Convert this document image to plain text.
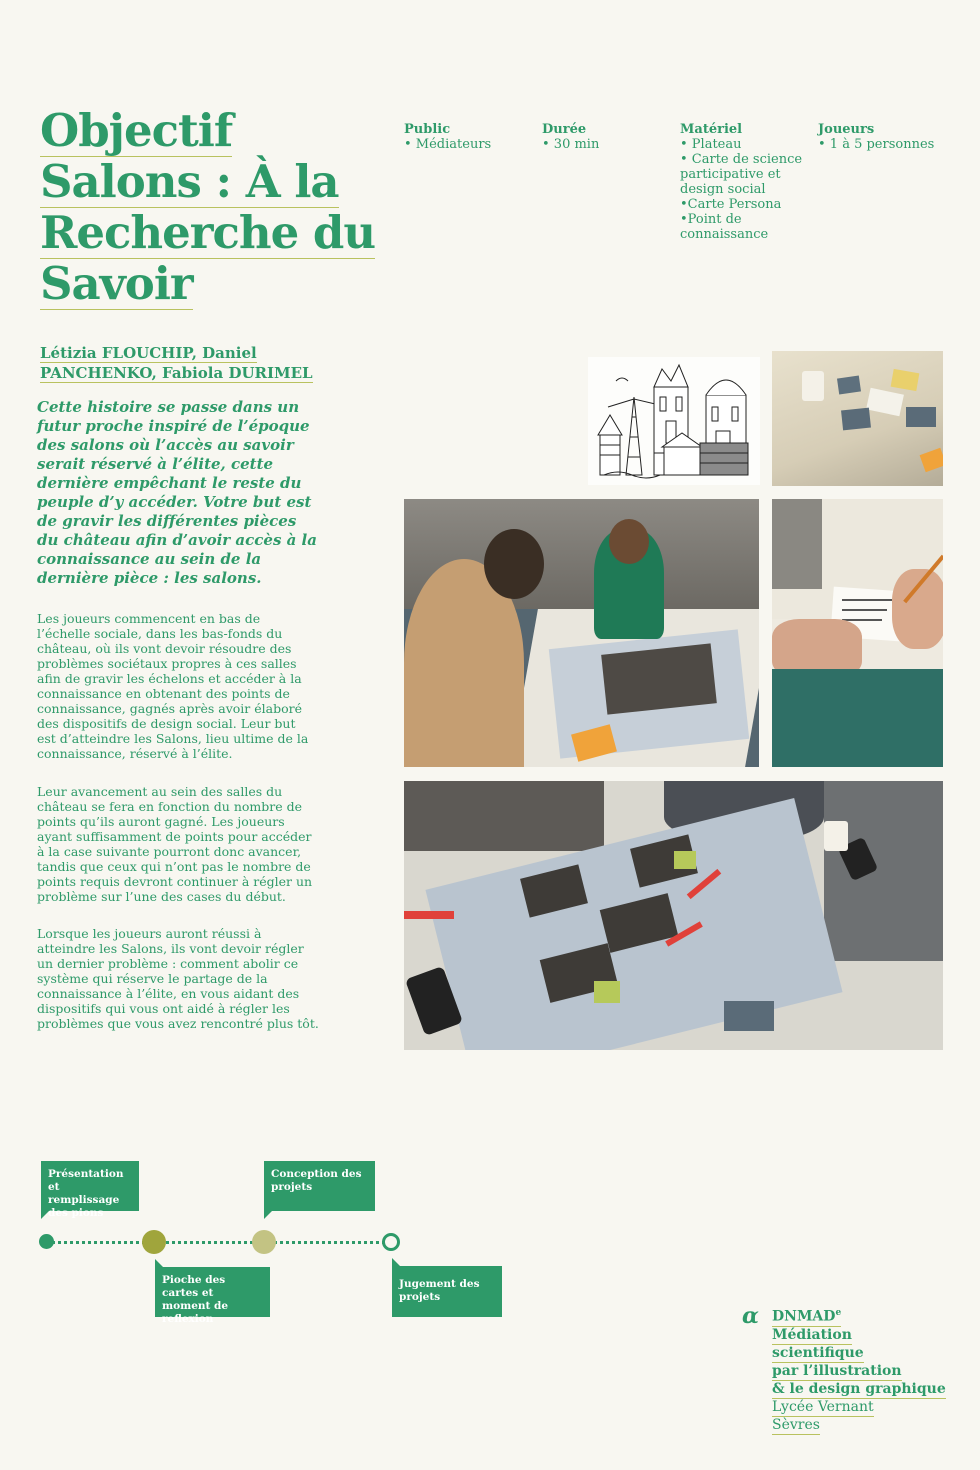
Objectif
Salons : À la
Recherche du
Savoir
Public
• Médiateurs
Durée
• 30 min
Matériel
• Plateau
• Carte de science
participative et
design social
•Carte Persona
•Point de
connaissance
Joueurs
• 1 à 5 personnes
Létizia FLOUCHIP, Daniel
PANCHENKO, Fabiola DURIMEL
Cette histoire se passe dans un futur proche inspiré de l’époque des salons où l’accès au savoir serait réservé à l’élite, cette dernière empêchant le reste du peuple d’y accéder. Votre but est de gravir les différentes pièces du château afin d’avoir accès à la connaissance au sein de la dernière pièce : les salons.
Les joueurs commencent en bas de l’échelle sociale, dans les bas-fonds du château, où ils vont devoir résoudre des problèmes sociétaux propres à ces salles afin de gravir les échelons et accéder à la connaissance en obtenant des points de connaissance, gagnés après avoir élaboré des dispositifs de design social. Leur but est d’atteindre les Salons, lieu ultime de la connaissance, réservé à l’élite.
Leur avancement au sein des salles du château se fera en fonction du nombre de points qu’ils auront gagné. Les joueurs ayant suffisamment de points pour accéder à la case suivante pourront donc avancer, tandis que ceux qui n’ont pas le nombre de points requis devront continuer à régler un problème sur l’une des cases du début.
Lorsque les joueurs auront réussi à atteindre les Salons, ils vont devoir régler un dernier problème : comment abolir ce système qui réserve le partage de la connaissance à l’élite, en vous aidant des dispositifs qui vous ont aidé à régler les problèmes que vous avez rencontré plus tôt.
Présentation et remplissage des pions
Pioche des cartes et moment de reflexion
Conception des projets
Jugement des projets
α DNMAD$^e$
Médiation
scientifique
par l’illustration
& le design graphique
Lycée Vernant
Sèvres
